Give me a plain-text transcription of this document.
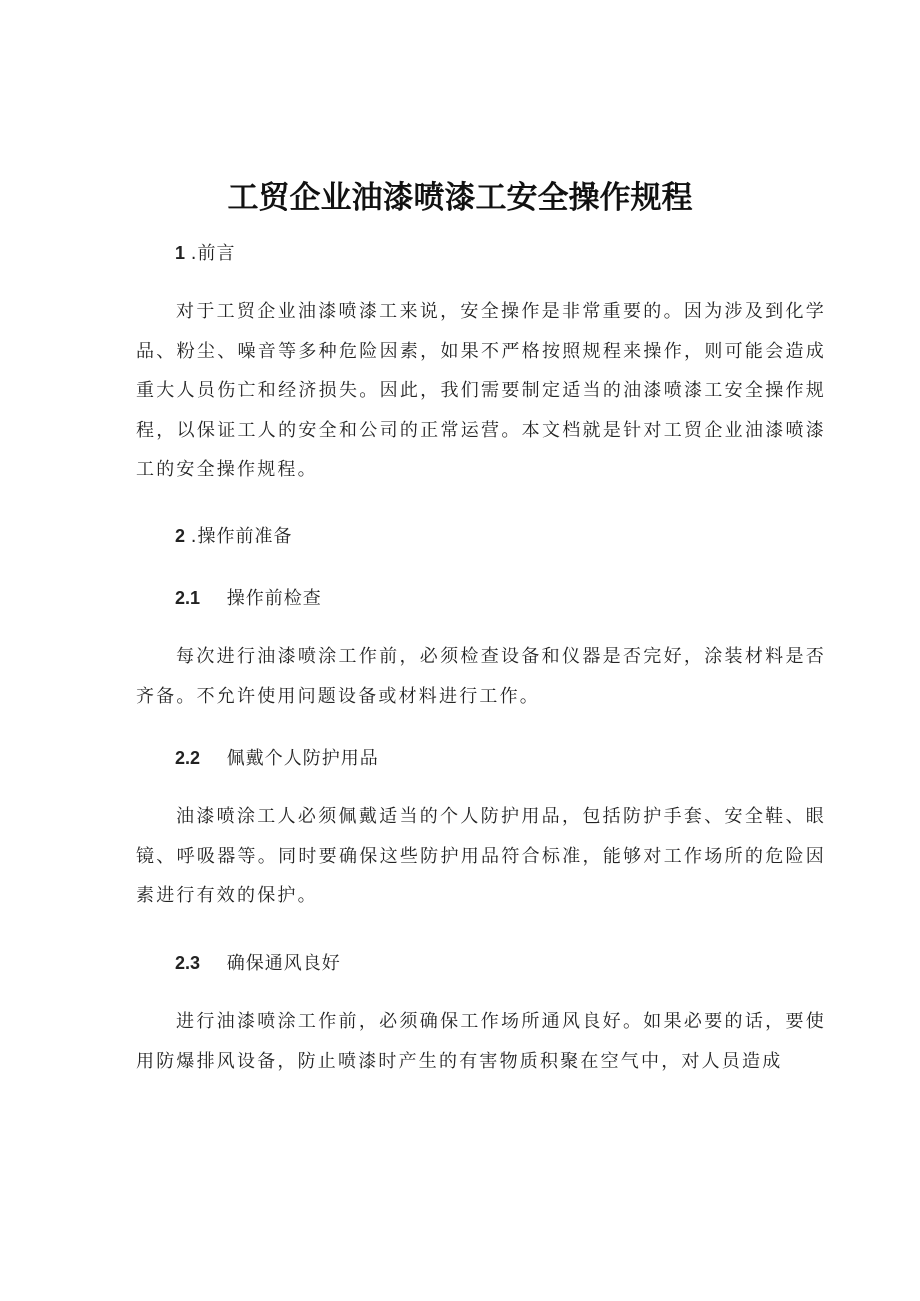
工贸企业油漆喷漆工安全操作规程
1 .前言
对于工贸企业油漆喷漆工来说，安全操作是非常重要的。因为涉及到化学品、粉尘、噪音等多种危险因素，如果不严格按照规程来操作，则可能会造成重大人员伤亡和经济损失。因此，我们需要制定适当的油漆喷漆工安全操作规程，以保证工人的安全和公司的正常运营。本文档就是针对工贸企业油漆喷漆工的安全操作规程。
2 .操作前准备
2.1 操作前检查
每次进行油漆喷涂工作前，必须检查设备和仪器是否完好，涂装材料是否齐备。不允许使用问题设备或材料进行工作。
2.2 佩戴个人防护用品
油漆喷涂工人必须佩戴适当的个人防护用品，包括防护手套、安全鞋、眼镜、呼吸器等。同时要确保这些防护用品符合标准，能够对工作场所的危险因素进行有效的保护。
2.3 确保通风良好
进行油漆喷涂工作前，必须确保工作场所通风良好。如果必要的话，要使用防爆排风设备，防止喷漆时产生的有害物质积聚在空气中，对人员造成
